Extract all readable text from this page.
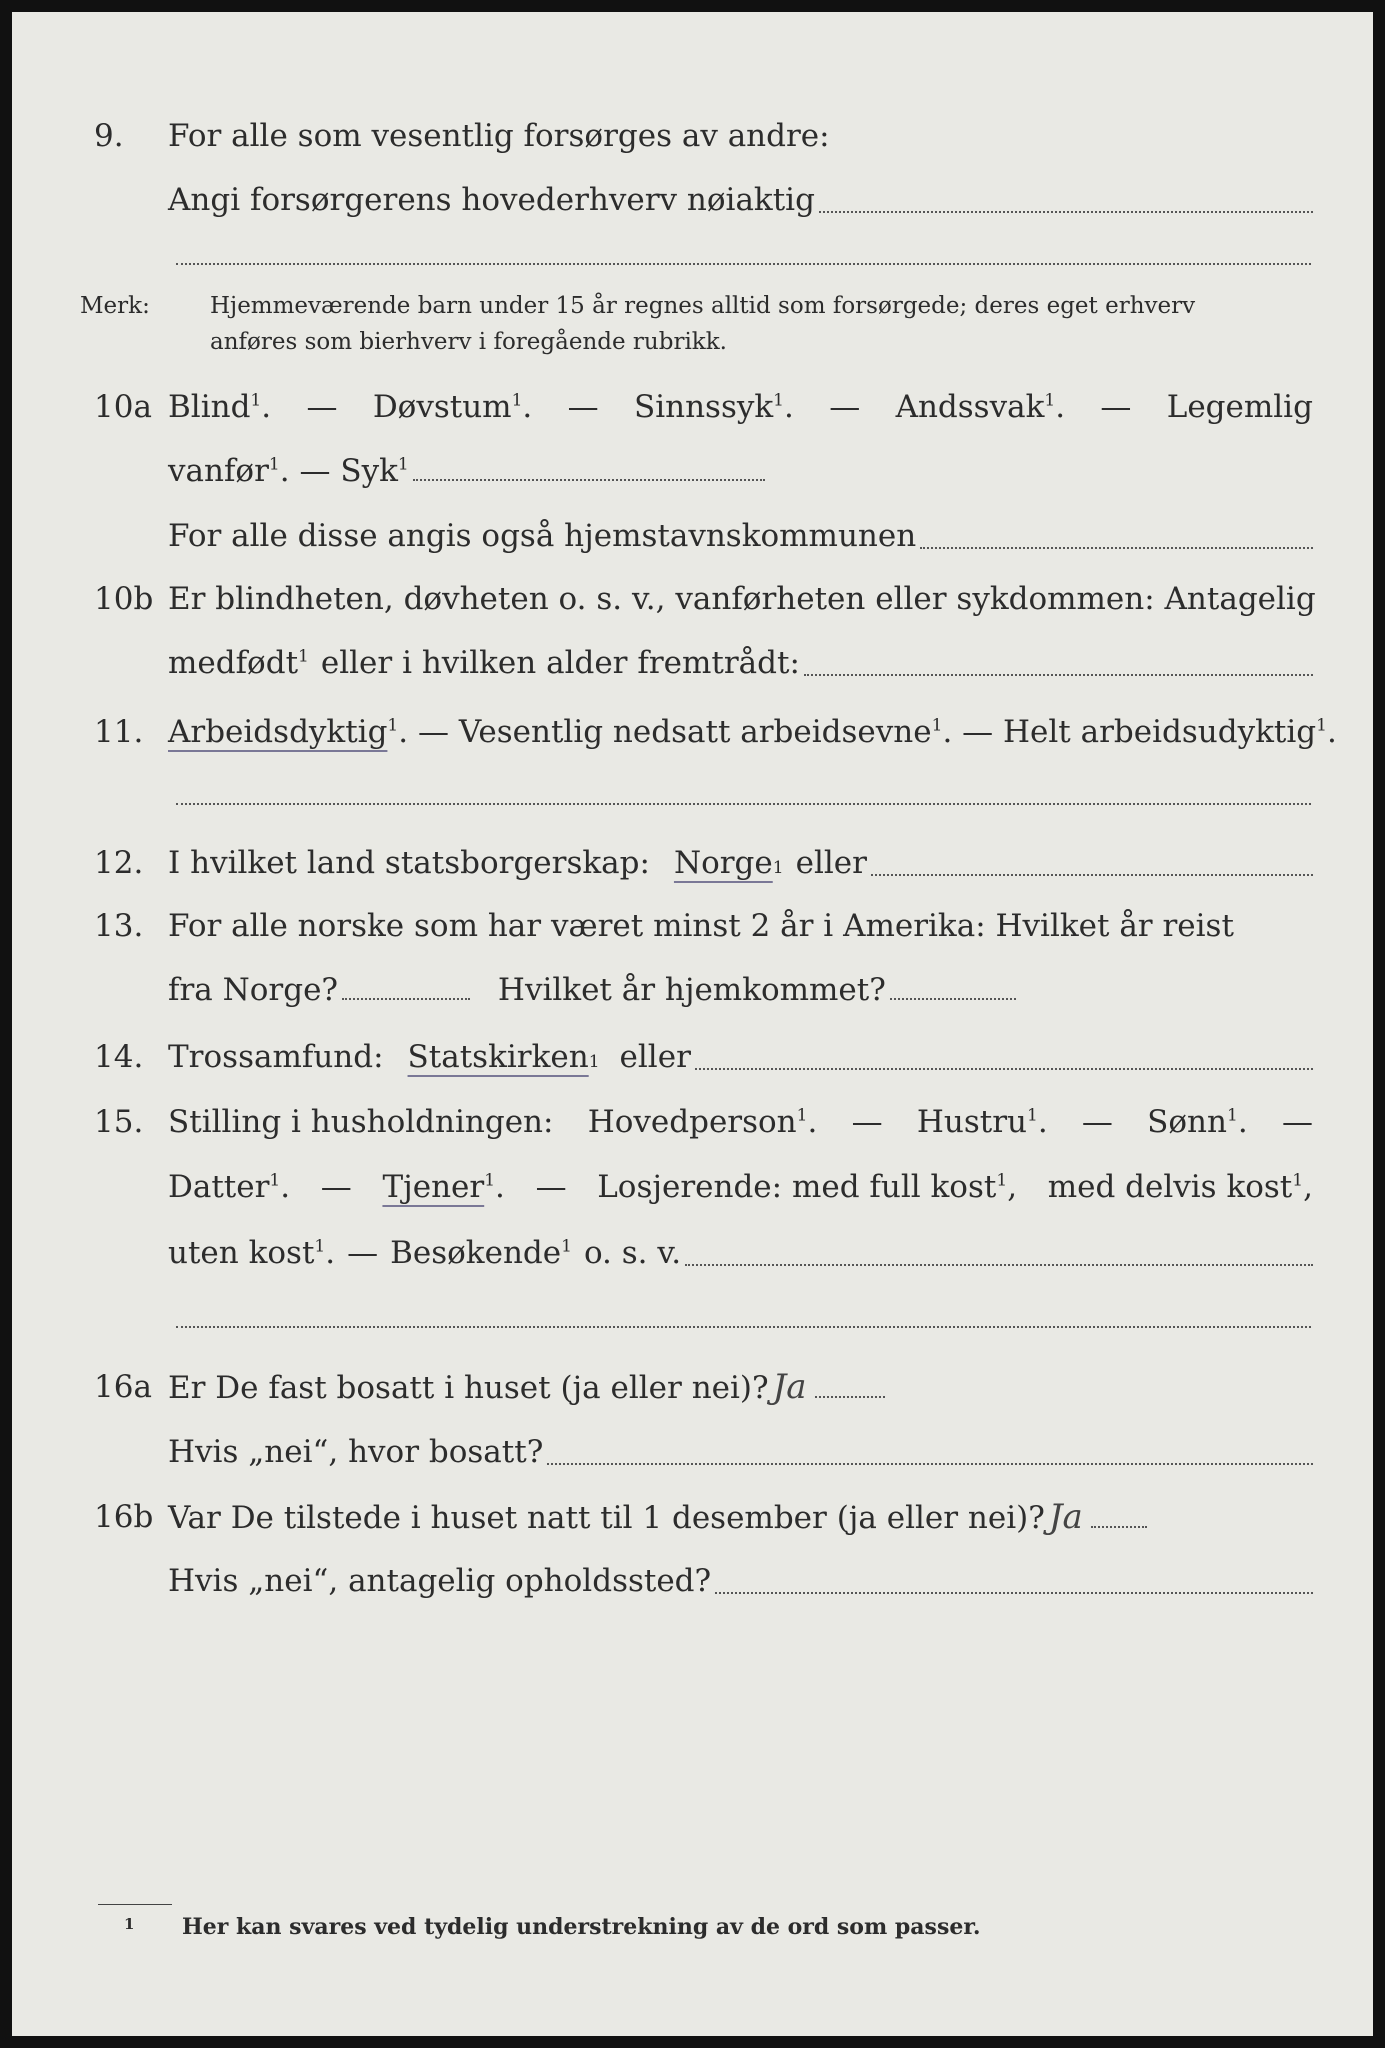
9. For alle som vesentlig forsørges av andre:
Angi forsørgerens hovederhverv nøiaktig
Merk:	Hjemmeværende barn under 15 år regnes alltid som forsørgede; deres eget erhverv
anføres som bierhverv i foregående rubrikk.
10a Blind$^1$. — Døvstum$^1$. — Sinnssyk$^1$. — Andssvak$^1$. — Legemlig
vanfør$^1$. — Syk$^1$
For alle disse angis også hjemstavnskommunen
10b Er blindheten, døvheten o. s. v., vanførheten eller sykdommen: Antagelig
medfødt$^1$ eller i hvilken alder fremtrådt:
11. Arbeidsdyktig$^1$. — Vesentlig nedsatt arbeidsevne$^1$. — Helt arbeidsudyktig$^1$.
12. I hvilket land statsborgerskap: Norge 1 eller
13. For alle norske som har været minst 2 år i Amerika: Hvilket år reist
fra Norge?	Hvilket år hjemkommet?
14. Trossamfund: Statskirken 1 eller
15. Stilling i husholdningen: Hovedperson$^1$. — Hustru$^1$. — Sønn$^1$. —
Datter$^1$. — Tjener$^1$. — Losjerende: med full kost$^1$, med delvis kost$^1$,
uten kost$^1$. — Besøkende$^1$ o. s. v.
16a Er De fast bosatt i huset (ja eller nei)? Ja
Hvis „nei“, hvor bosatt?
16b Var De tilstede i huset natt til 1 desember (ja eller nei)? Ja
Hvis „nei“, antagelig opholdssted?
1 Her kan svares ved tydelig understrekning av de ord som passer.
